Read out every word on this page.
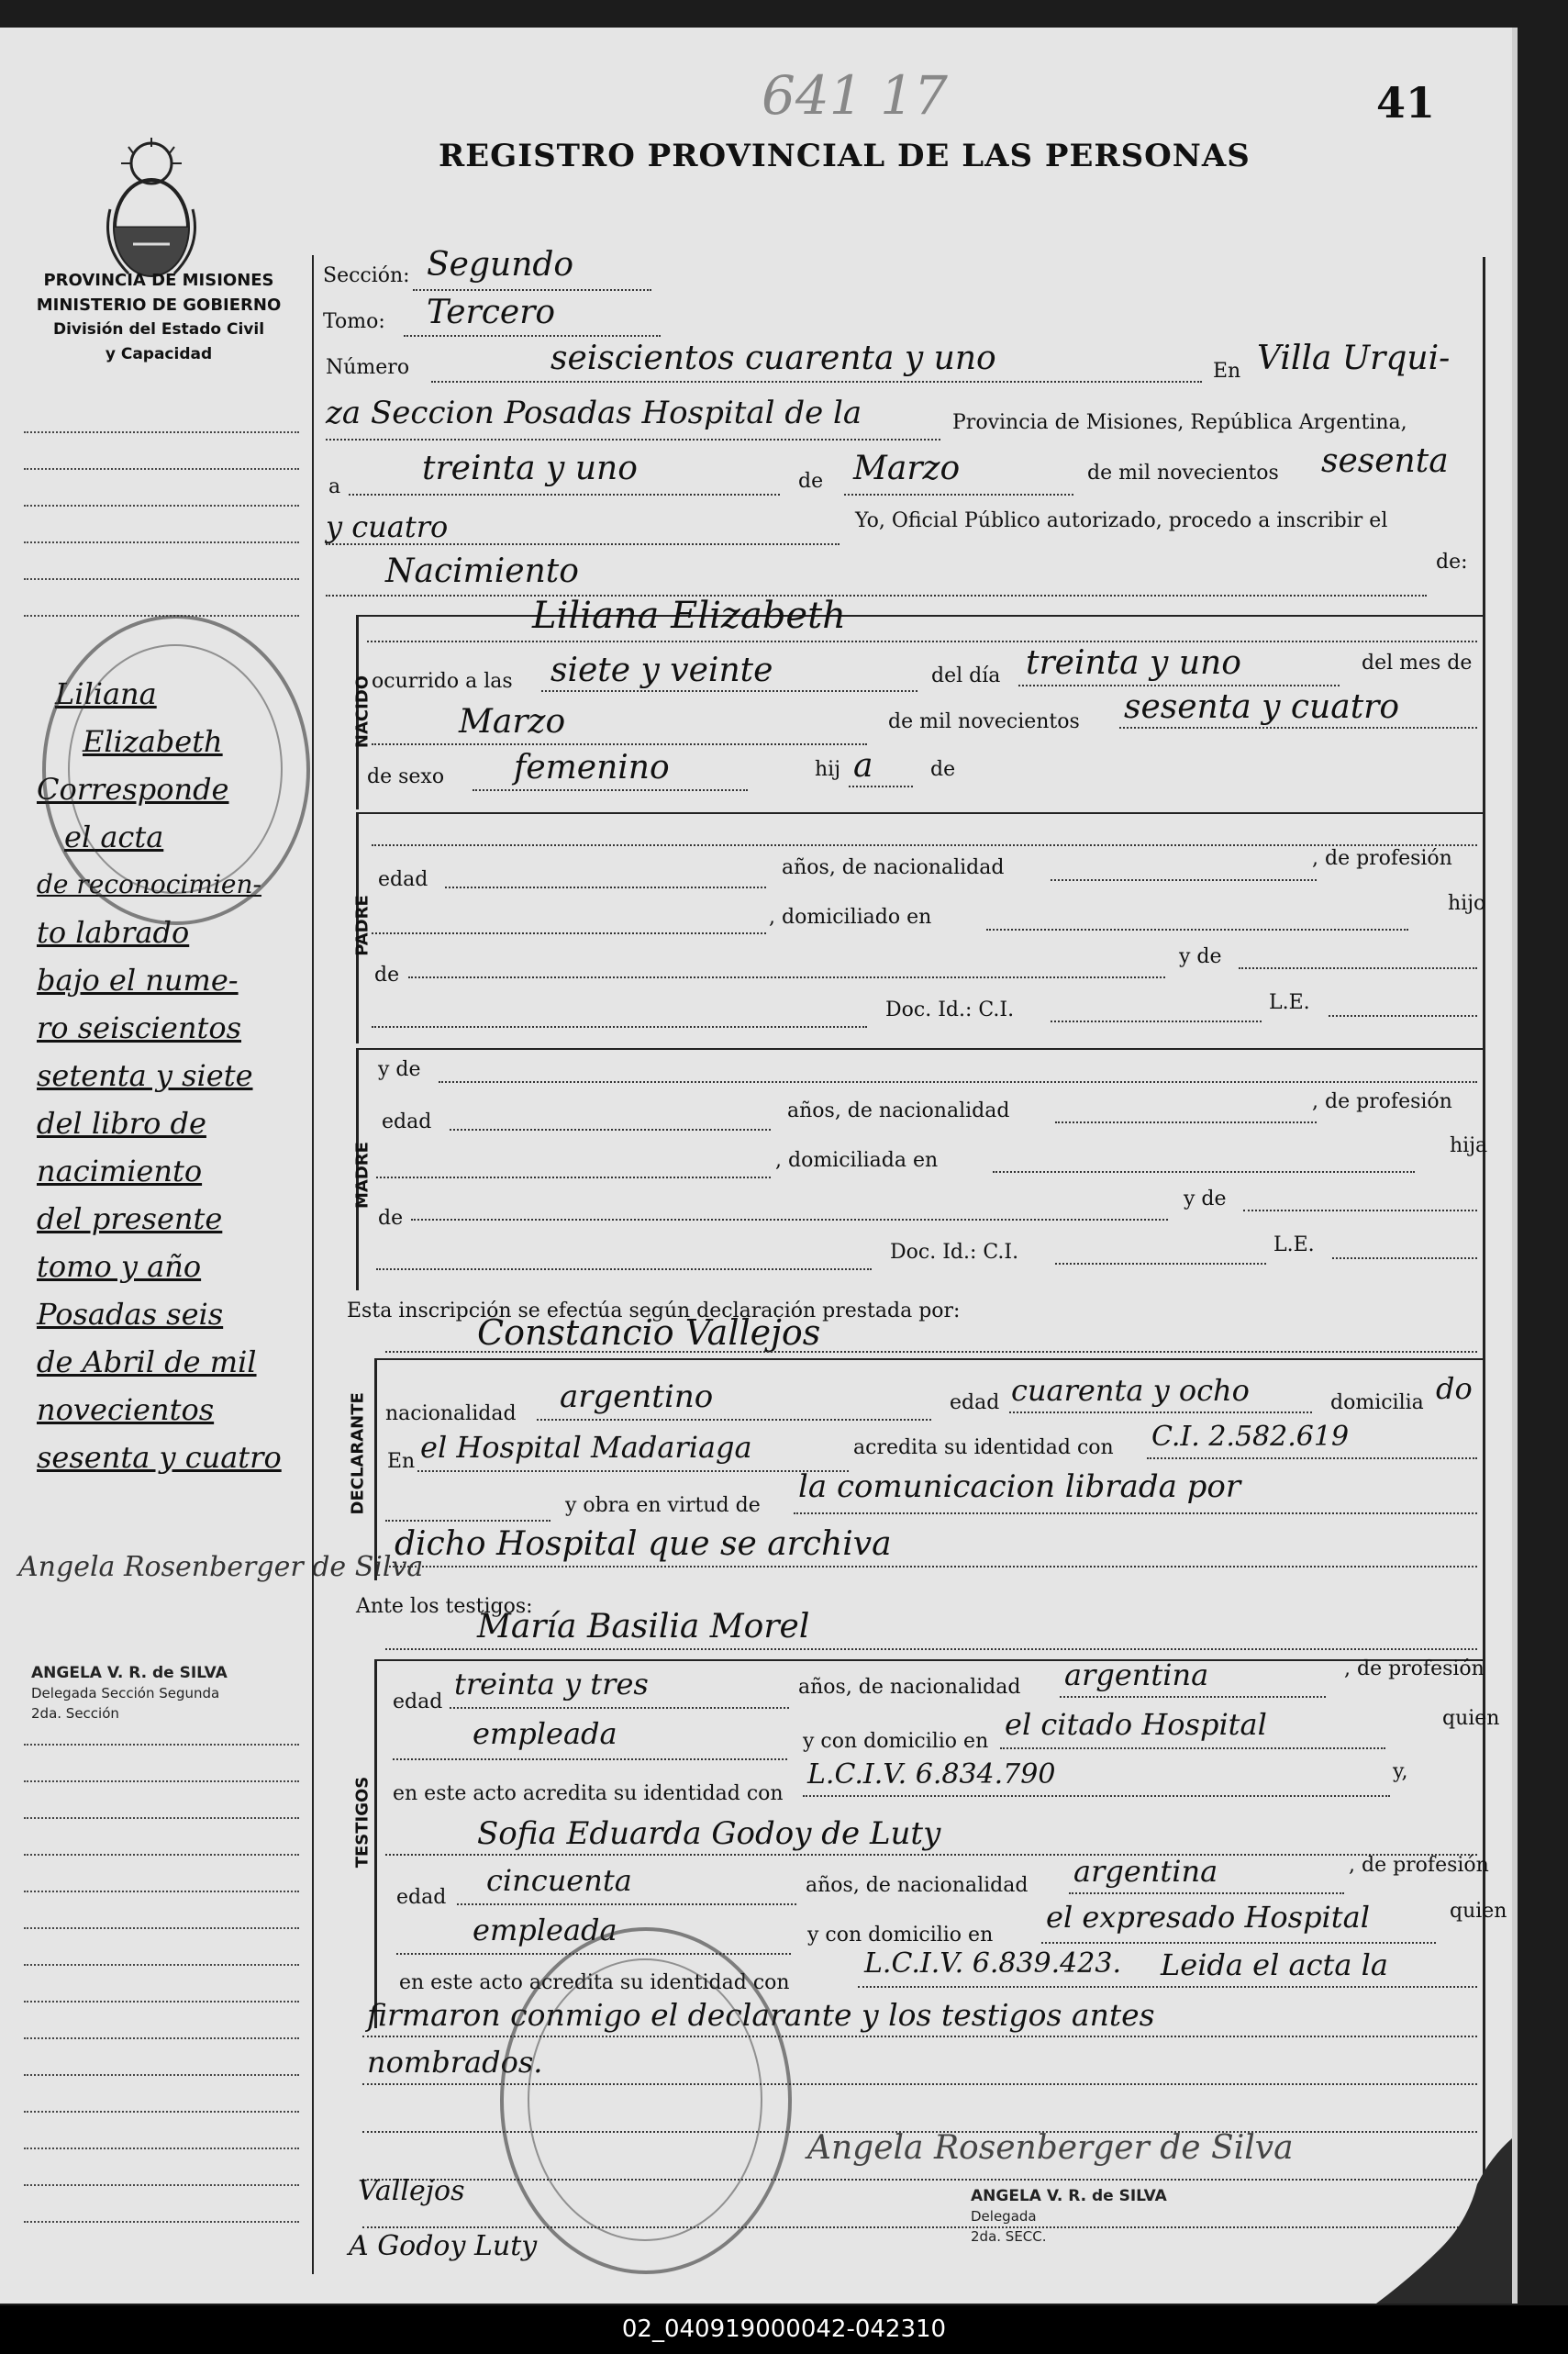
641 17	41
REGISTRO PROVINCIAL DE LAS PERSONAS
PROVINCIA DE MISIONES
MINISTERIO DE GOBIERNO
División del Estado Civil
y Capacidad
Liliana
Elizabeth
Corresponde
el acta
de reconocimien-
to labrado
bajo el nume-
ro seiscientos
setenta y siete
del libro de
nacimiento
del presente
tomo y año
Posadas seis
de Abril de mil
novecientos
sesenta y cuatro
Angela Rosenberger de Silva
ANGELA V. R. de SILVA
Delegada Sección Segunda
2da. Sección
Sección: Segundo
Tomo: Tercero
Número	seiscientos cuarenta y uno	En Villa Urqui-
za Seccion Posadas Hospital de la	Provincia de Misiones, República Argentina,
a treinta y uno	de Marzo	de mil novecientos sesenta
y cuatro	Yo, Oficial Público autorizado, procedo a inscribir el
Nacimiento	de:
NACIDO
Liliana Elizabeth
ocurrido a las siete y veinte	del día treinta y uno	del mes de
Marzo	de mil novecientos sesenta y cuatro
de sexo femenino	hij a	de
PADRE
edad
años, de nacionalidad	, de profesión
, domiciliado en
hijo
de
y de
Doc. Id.: C.I.	L.E.
MADRE
y de
edad	años, de nacionalidad	, de profesión
, domiciliada en
hija
de
y de
Doc. Id.: C.I.	L.E.
Esta inscripción se efectúa según declaración prestada por:
DECLARANTE
Constancio Vallejos
nacionalidad argentino	edad cuarenta y ocho	domicilia do
En el Hospital Madariaga	acredita su identidad con C.I. 2.582.619
y obra en virtud de
la comunicacion librada por
dicho Hospital que se archiva
Ante los testigos:
TESTIGOS
María Basilia Morel
edad
treinta y tres	años, de nacionalidad argentina	, de profesión
empleada	y con domicilio en el citado Hospital	quien
en este acto acredita su identidad con
L.C.I.V. 6.834.790	y,
Sofia Eduarda Godoy de Luty
edad cincuenta	años, de nacionalidad argentina	, de profesión
empleada	y con domicilio en
el expresado Hospital	quien
en este acto acredita su identidad con
L.C.I.V. 6.839.423. Leida el acta la
firmaron conmigo el declarante y los testigos antes
nombrados.
Angela Rosenberger de Silva
ANGELA V. R. de SILVA
Delegada
2da. SECC.
Vallejos
A Godoy Luty
02_040919000042-042310
